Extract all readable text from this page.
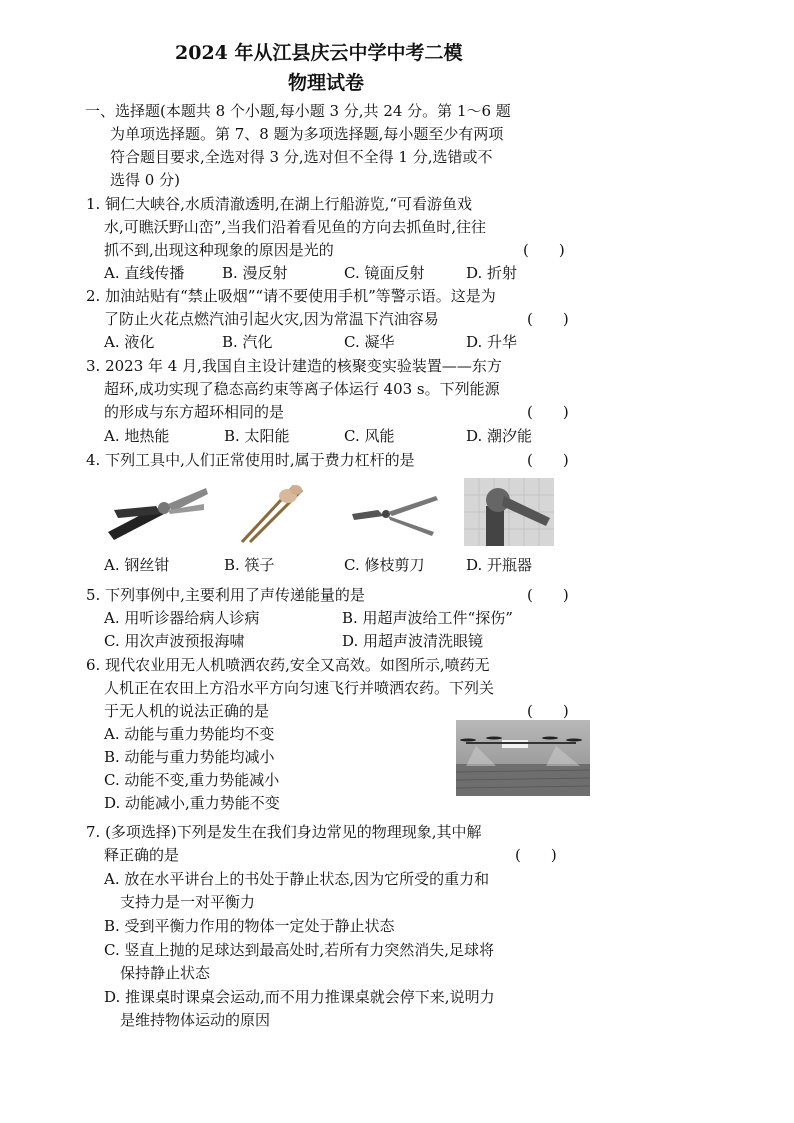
2024 年从江县庆云中学中考二模
物理试卷
一、选择题(本题共 8 个小题,每小题 3 分,共 24 分。第 1～6 题
为单项选择题。第 7、8 题为多项选择题,每小题至少有两项
符合题目要求,全选对得 3 分,选对但不全得 1 分,选错或不
选得 0 分)
1. 铜仁大峡谷,水质清澈透明,在湖上行船游览,“可看游鱼戏
水,可瞧沃野山峦”,当我们沿着看见鱼的方向去抓鱼时,往往
抓不到,出现这种现象的原因是光的	(　　)
A. 直线传播	B. 漫反射	C. 镜面反射	D. 折射
2. 加油站贴有“禁止吸烟”“请不要使用手机”等警示语。这是为
了防止火花点燃汽油引起火灾,因为常温下汽油容易	(　　)
A. 液化	B. 汽化	C. 凝华	D. 升华
3. 2023 年 4 月,我国自主设计建造的核聚变实验装置——东方
超环,成功实现了稳态高约束等离子体运行 403 s。下列能源
的形成与东方超环相同的是	(　　)
A. 地热能	B. 太阳能	C. 风能	D. 潮汐能
4. 下列工具中,人们正常使用时,属于费力杠杆的是	(　　)
A. 钢丝钳	B. 筷子	C. 修枝剪刀	D. 开瓶器
5. 下列事例中,主要利用了声传递能量的是	(　　)
A. 用听诊器给病人诊病	B. 用超声波给工件“探伤”
C. 用次声波预报海啸	D. 用超声波清洗眼镜
6. 现代农业用无人机喷洒农药,安全又高效。如图所示,喷药无
人机正在农田上方沿水平方向匀速飞行并喷洒农药。下列关
于无人机的说法正确的是	(　　)
A. 动能与重力势能均不变
B. 动能与重力势能均减小
C. 动能不变,重力势能减小
D. 动能减小,重力势能不变
7. (多项选择)下列是发生在我们身边常见的物理现象,其中解
释正确的是	(　　)
A. 放在水平讲台上的书处于静止状态,因为它所受的重力和
支持力是一对平衡力
B. 受到平衡力作用的物体一定处于静止状态
C. 竖直上抛的足球达到最高处时,若所有力突然消失,足球将
保持静止状态
D. 推课桌时课桌会运动,而不用力推课桌就会停下来,说明力
是维持物体运动的原因
